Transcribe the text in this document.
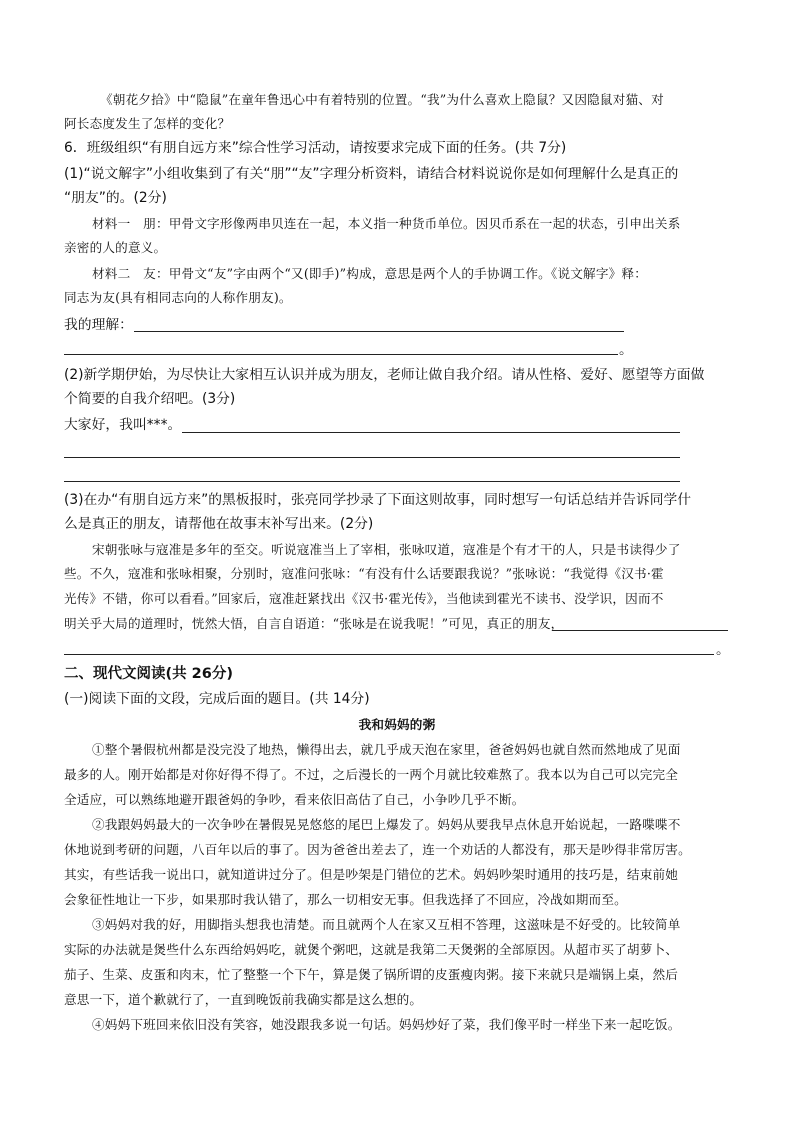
《朝花夕拾》中“隐鼠”在童年鲁迅心中有着特别的位置。“我”为什么喜欢上隐鼠？又因隐鼠对猫、对
阿长态度发生了怎样的变化？
6．班级组织“有朋自远方来”综合性学习活动，请按要求完成下面的任务。(共 7分)
(1)“说文解字”小组收集到了有关“朋”“友”字理分析资料，请结合材料说说你是如何理解什么是真正的
“朋友”的。(2分)
材料一　朋：甲骨文字形像两串贝连在一起，本义指一种货币单位。因贝币系在一起的状态，引申出关系
亲密的人的意义。
材料二　友：甲骨文“友”字由两个“又(即手)”构成，意思是两个人的手协调工作。《说文解字》释：
同志为友(具有相同志向的人称作朋友)。
我的理解：
。
(2)新学期伊始，为尽快让大家相互认识并成为朋友，老师让做自我介绍。请从性格、爱好、愿望等方面做
个简要的自我介绍吧。(3分)
大家好，我叫***。
(3)在办“有朋自远方来”的黑板报时，张亮同学抄录了下面这则故事，同时想写一句话总结并告诉同学什
么是真正的朋友，请帮他在故事末补写出来。(2分)
宋朝张咏与寇准是多年的至交。听说寇准当上了宰相，张咏叹道，寇准是个有才干的人，只是书读得少了
些。不久，寇准和张咏相聚，分别时，寇准问张咏：“有没有什么话要跟我说？”张咏说：“我觉得《汉书·霍
光传》不错，你可以看看。”回家后，寇准赶紧找出《汉书·霍光传》，当他读到霍光不读书、没学识，因而不
明关乎大局的道理时，恍然大悟，自言自语道：“张咏是在说我呢！”可见，真正的朋友，
。
二、现代文阅读(共 26分)
(一)阅读下面的文段，完成后面的题目。(共 14分)
我和妈妈的粥
①整个暑假杭州都是没完没了地热，懒得出去，就几乎成天泡在家里，爸爸妈妈也就自然而然地成了见面
最多的人。刚开始都是对你好得不得了。不过，之后漫长的一两个月就比较难熬了。我本以为自己可以完完全
全适应，可以熟练地避开跟爸妈的争吵，看来依旧高估了自己，小争吵几乎不断。
②我跟妈妈最大的一次争吵在暑假晃晃悠悠的尾巴上爆发了。妈妈从要我早点休息开始说起，一路喋喋不
休地说到考研的问题，八百年以后的事了。因为爸爸出差去了，连一个劝话的人都没有，那天是吵得非常厉害。
其实，有些话我一说出口，就知道讲过分了。但是吵架是门错位的艺术。妈妈吵架时通用的技巧是，结束前她
会象征性地让一下步，如果那时我认错了，那么一切相安无事。但我选择了不回应，冷战如期而至。
③妈妈对我的好，用脚指头想我也清楚。而且就两个人在家又互相不答理，这滋味是不好受的。比较简单
实际的办法就是煲些什么东西给妈妈吃，就煲个粥吧，这就是我第二天煲粥的全部原因。从超市买了胡萝卜、
茄子、生菜、皮蛋和肉末，忙了整整一个下午，算是煲了锅所谓的皮蛋瘦肉粥。接下来就只是端锅上桌，然后
意思一下，道个歉就行了，一直到晚饭前我确实都是这么想的。
④妈妈下班回来依旧没有笑容，她没跟我多说一句话。妈妈炒好了菜，我们像平时一样坐下来一起吃饭。
